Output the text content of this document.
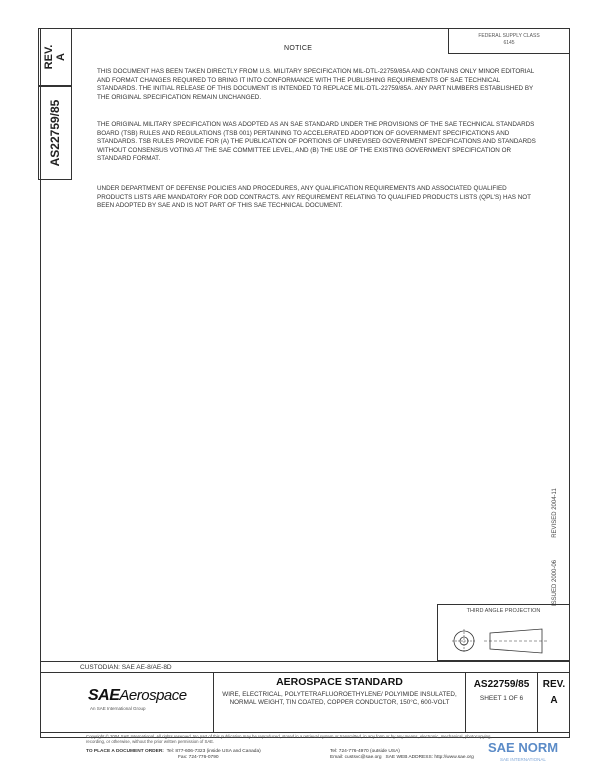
REV.
A
AS22759/85
FEDERAL SUPPLY CLASS
6145
NOTICE
THIS DOCUMENT HAS BEEN TAKEN DIRECTLY FROM U.S. MILITARY SPECIFICATION MIL-DTL-22759/85A AND CONTAINS ONLY MINOR EDITORIAL AND FORMAT CHANGES REQUIRED TO BRING IT INTO CONFORMANCE WITH THE PUBLISHING REQUIREMENTS OF SAE TECHNICAL STANDARDS. THE INITIAL RELEASE OF THIS DOCUMENT IS INTENDED TO REPLACE MIL-DTL-22759/85A. ANY PART NUMBERS ESTABLISHED BY THE ORIGINAL SPECIFICATION REMAIN UNCHANGED.
THE ORIGINAL MILITARY SPECIFICATION WAS ADOPTED AS AN SAE STANDARD UNDER THE PROVISIONS OF THE SAE TECHNICAL STANDARDS BOARD (TSB) RULES AND REGULATIONS (TSB 001) PERTAINING TO ACCELERATED ADOPTION OF GOVERNMENT SPECIFICATIONS AND STANDARDS. TSB RULES PROVIDE FOR (A) THE PUBLICATION OF PORTIONS OF UNREVISED GOVERNMENT SPECIFICATIONS AND STANDARDS WITHOUT CONSENSUS VOTING AT THE SAE COMMITTEE LEVEL, AND (B) THE USE OF THE EXISTING GOVERNMENT SPECIFICATION OR STANDARD FORMAT.
UNDER DEPARTMENT OF DEFENSE POLICIES AND PROCEDURES, ANY QUALIFICATION REQUIREMENTS AND ASSOCIATED QUALIFIED PRODUCTS LISTS ARE MANDATORY FOR DOD CONTRACTS. ANY REQUIREMENT RELATING TO QUALIFIED PRODUCTS LISTS (QPL'S) HAS NOT BEEN ADOPTED BY SAE AND IS NOT PART OF THIS SAE TECHNICAL DOCUMENT.
ISSUED 2000-06
REVISED 2004-11
THIRD ANGLE PROJECTION
CUSTODIAN: SAE AE-8/AE-8D
SAEAerospace
An SAE International Group
AEROSPACE STANDARD
WIRE, ELECTRICAL, POLYTETRAFLUOROETHYLENE/ POLYIMIDE INSULATED, NORMAL WEIGHT, TIN COATED, COPPER CONDUCTOR, 150°C, 600-VOLT
AS22759/85
SHEET 1 OF 6
REV.
A
Copyright © 2004 SAE International. All rights reserved. No part of this publication may be reproduced, stored in a retrieval system or transmitted, in any form or by any means, electronic, mechanical, photocopying, recording, or otherwise, without the prior written permission of SAE.
TO PLACE A DOCUMENT ORDER: Tel: 877-606-7323 (inside USA and Canada)
Fax: 724-776-0790
Tel: 724-776-4970 (outside USA)
Email: custsvc@sae.org SAE WEB ADDRESS: http://www.sae.org
SAE NORM
SAE INTERNATIONAL
